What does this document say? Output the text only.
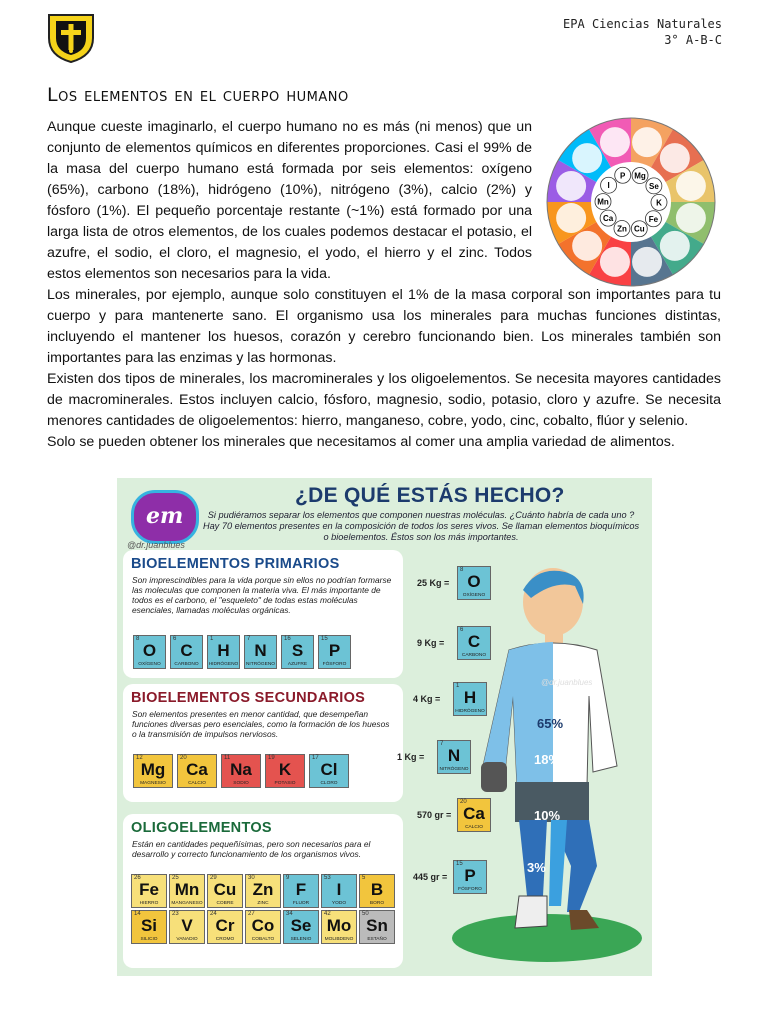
EPA Ciencias Naturales
3° A-B-C
Los elementos en el cuerpo humano

Aunque cueste imaginarlo, el cuerpo humano no es más (ni menos) que un conjunto de elementos químicos en diferentes proporciones. Casi el 99% de la masa del cuerpo humano está formada por seis elementos: oxígeno (65%), carbono (18%), hidrógeno (10%), nitrógeno (3%), calcio (2%) y fósforo (1%). El pequeño porcentaje restante (~1%) está formado por una larga lista de otros elementos, de los cuales podemos destacar el potasio, el azufre, el sodio, el cloro, el magnesio, el yodo, el hierro y el zinc. Todos estos elementos son necesarios para la vida.

Los minerales, por ejemplo, aunque solo constituyen el 1% de la masa corporal son importantes para tu cuerpo y para mantenerte sano. El organismo usa los minerales para muchas funciones distintas, incluyendo el mantener los huesos, corazón y cerebro funcionando bien. Los minerales también son importantes para las enzimas y las hormonas.

Existen dos tipos de minerales, los macrominerales y los oligoelementos. Se necesita mayores cantidades de macrominerales. Estos incluyen calcio, fósforo, magnesio, sodio, potasio, cloro y azufre. Se necesita menores cantidades de oligoelementos: hierro, manganeso, cobre, yodo, cinc, cobalto, flúor y selenio.

Solo se pueden obtener los minerales que necesitamos al comer una amplia variedad de alimentos.

P Mg
Se
K
Fe
Cu
Zn
Ca
Mn
I
em
@dr.juanblues
¿DE QUÉ ESTÁS HECHO?
Si pudiéramos separar los elementos que componen nuestras moléculas. ¿Cuánto habría de cada uno ? Hay 70 elementos presentes en la composición de todos los seres vivos. Se llaman elementos bioquímicos o bioelementos. Éstos son los más importantes.
BIOELEMENTOS PRIMARIOS
Son imprescindibles para la vida porque sin ellos no podrían formarse las moleculas que componen la materia viva. El más importante de todos es el carbono, el "esqueleto" de todas estas moléculas esenciales, llamadas moléculas orgánicas.
8
O
OXÍGENO
6
C
CARBONO
1
H
HIDRÓGENO
7
N
NITRÓGENO
16
S
AZUFRE
15
P
FÓSFORO
BIOELEMENTOS SECUNDARIOS
Son elementos presentes en menor cantidad, que desempeñan funciones diversas pero esenciales, como la formación de los huesos o la transmisión de impulsos nerviosos.
12
Mg
MAGNESIO
20
Ca
CALCIO
11
Na
SODIO
19
K
POTASIO
17
Cl
CLORO
OLIGOELEMENTOS
Están en cantidades pequeñísimas, pero son necesarios para el desarrollo y correcto funcionamiento de los organismos vivos.
26
Fe
HIERRO
25
Mn
MANGANESO
29
Cu
COBRE
30
Zn
ZINC
9
F
FLUOR
53
I
YODO
5
B
BORO
14
Si
SILICIO
23
V
VANADIO
24
Cr
CROMO
27
Co
COBALTO
34
Se
SELENIO
42
Mo
MOLIBDENO
50
Sn
ESTAÑO
65%
18%
10%
3%
@dr.juanblues
25 Kg =
8
O
OXÍGENO
9 Kg =
6
C
CARBONO
4 Kg =
1
H
HIDRÓGENO
1 Kg =
7
N
NITRÓGENO
570 gr =
20
Ca
CALCIO
445 gr =
15
P
FÓSFORO
